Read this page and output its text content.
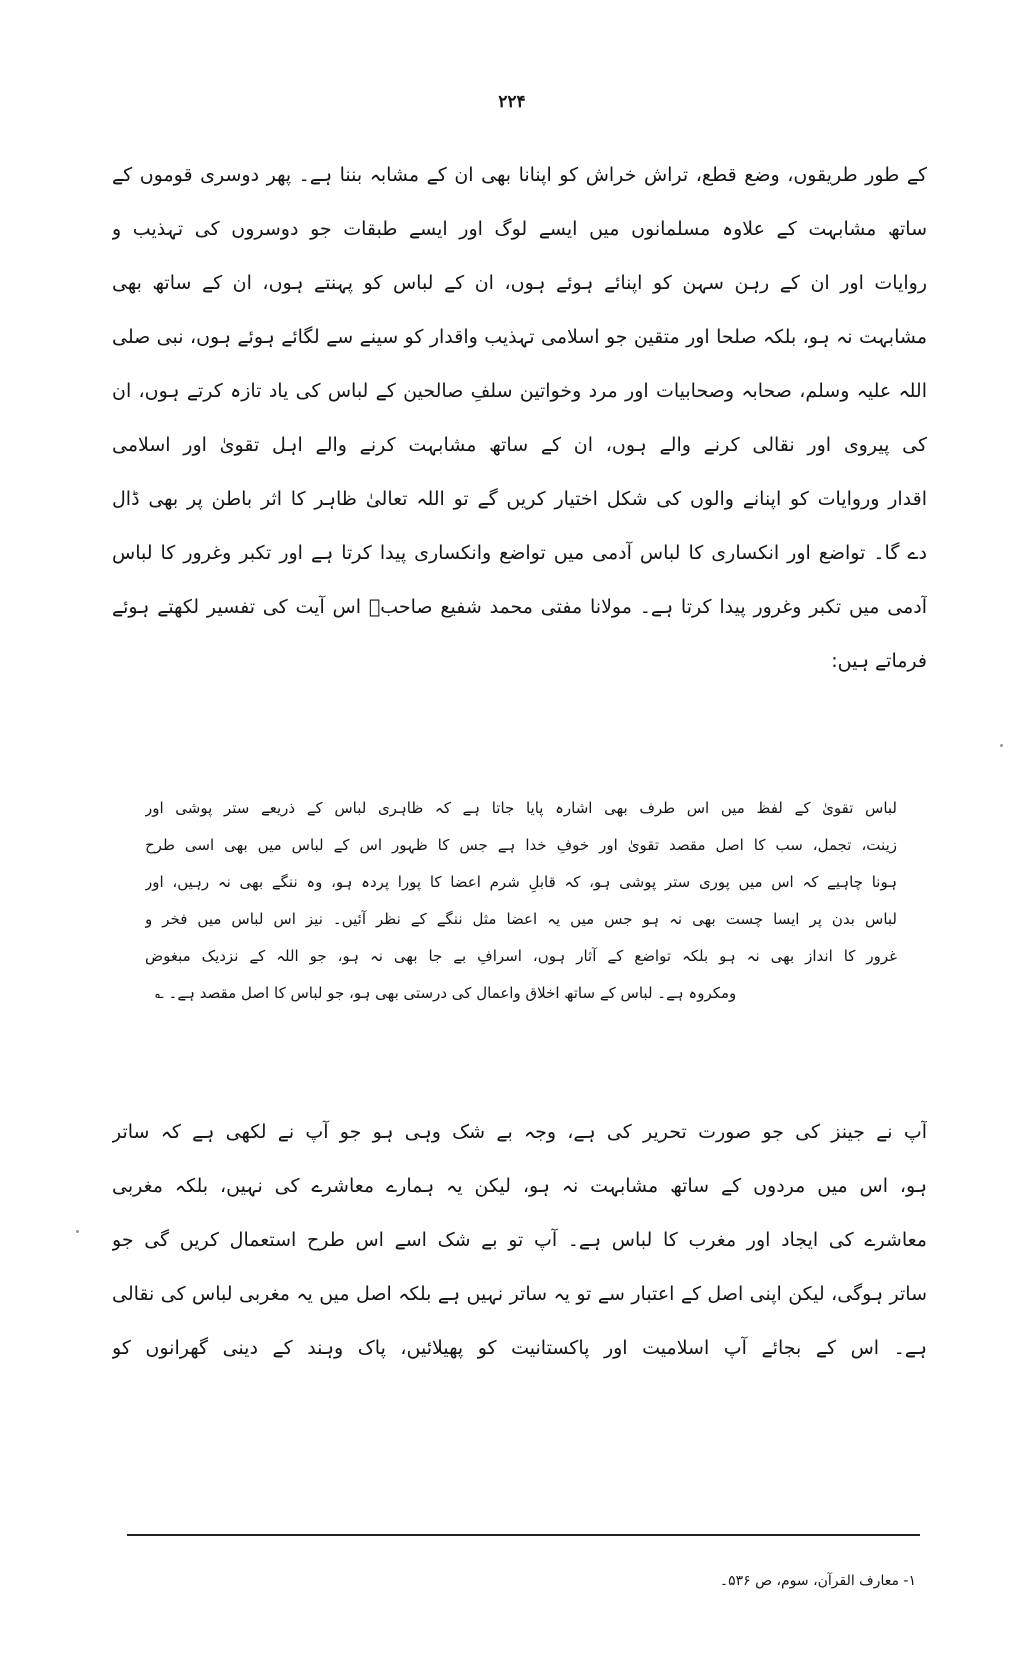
۲۲۴
کے طور طریقوں، وضع قطع، تراش خراش کو اپنانا بھی ان کے مشابہ بننا ہے۔ پھر دوسری قوموں کے
ساتھ مشابہت کے علاوہ مسلمانوں میں ایسے لوگ اور ایسے طبقات جو دوسروں کی تہذیب و
روایات اور ان کے رہن سہن کو اپنائے ہوئے ہوں، ان کے لباس کو پہنتے ہوں، ان کے ساتھ بھی
مشابہت نہ ہو، بلکہ صلحا اور متقین جو اسلامی تہذیب واقدار کو سینے سے لگائے ہوئے ہوں، نبی صلی
اللہ علیہ وسلم، صحابہ وصحابیات اور مرد وخواتین سلفِ صالحین کے لباس کی یاد تازہ کرتے ہوں، ان
کی پیروی اور نقالی کرنے والے ہوں، ان کے ساتھ مشابہت کرنے والے اہل تقویٰ اور اسلامی
اقدار وروایات کو اپنانے والوں کی شکل اختیار کریں گے تو اللہ تعالیٰ ظاہر کا اثر باطن پر بھی ڈال
دے گا۔ تواضع اور انکساری کا لباس آدمی میں تواضع وانکساری پیدا کرتا ہے اور تکبر وغرور کا لباس
آدمی میں تکبر وغرور پیدا کرتا ہے۔ مولانا مفتی محمد شفیع صاحبؒ اس آیت کی تفسیر لکھتے ہوئے
فرماتے ہیں:
لباس تقویٰ کے لفظ میں اس طرف بھی اشارہ پایا جاتا ہے کہ ظاہری لباس کے ذریعے ستر پوشی اور
زینت، تجمل، سب کا اصل مقصد تقویٰ اور خوفِ خدا ہے جس کا ظہور اس کے لباس میں بھی اسی طرح
ہونا چاہیے کہ اس میں پوری ستر پوشی ہو، کہ قابلِ شرم اعضا کا پورا پردہ ہو، وہ ننگے بھی نہ رہیں، اور
لباس بدن پر ایسا چست بھی نہ ہو جس میں یہ اعضا مثل ننگے کے نظر آئیں۔ نیز اس لباس میں فخر و
غرور کا انداز بھی نہ ہو بلکہ تواضع کے آثار ہوں، اسرافِ بے جا بھی نہ ہو، جو اللہ کے نزدیک مبغوض
ومکروہ ہے۔ لباس کے ساتھ اخلاق واعمال کی درستی بھی ہو، جو لباس کا اصل مقصد ہے۔ ؎
آپ نے جینز کی جو صورت تحریر کی ہے، وجہ بے شک وہی ہو جو آپ نے لکھی ہے کہ ساتر
ہو، اس میں مردوں کے ساتھ مشابہت نہ ہو، لیکن یہ ہمارے معاشرے کی نہیں، بلکہ مغربی
معاشرے کی ایجاد اور مغرب کا لباس ہے۔ آپ تو بے شک اسے اس طرح استعمال کریں گی جو
ساتر ہوگی، لیکن اپنی اصل کے اعتبار سے تو یہ ساتر نہیں ہے بلکہ اصل میں یہ مغربی لباس کی نقالی
ہے۔ اس کے بجائے آپ اسلامیت اور پاکستانیت کو پھیلائیں، پاک وہند کے دینی گھرانوں کو
۱- معارف القرآن، سوم، ص ۵۳۶۔
